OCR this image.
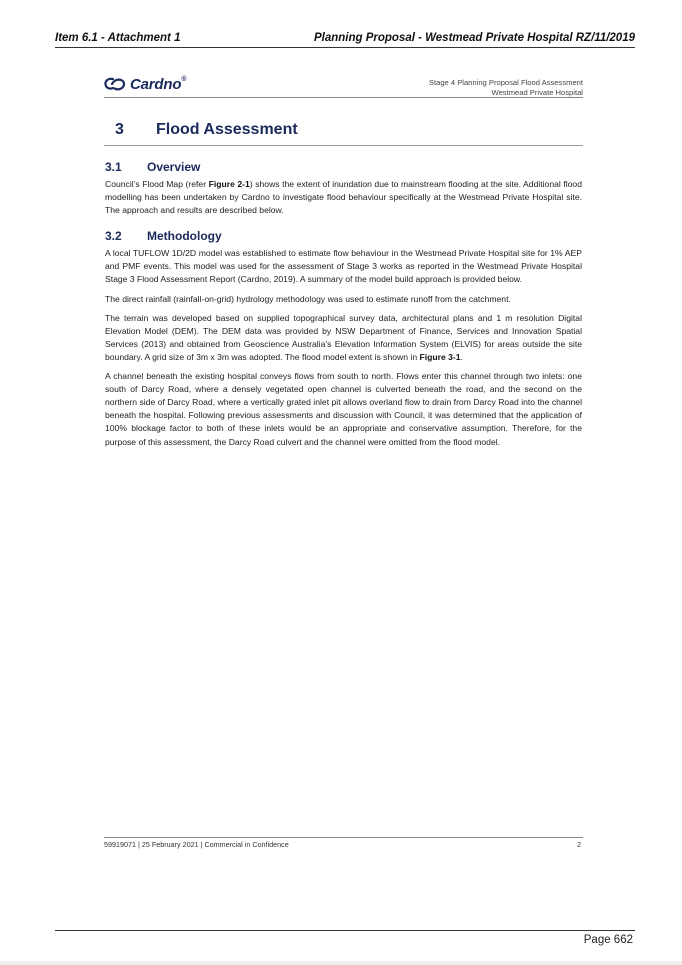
Item 6.1 - Attachment 1	Planning Proposal - Westmead Private Hospital RZ/11/2019
Cardno®	Stage 4 Planning Proposal Flood Assessment
Westmead Private Hospital
3 Flood Assessment
3.1 Overview

Council’s Flood Map (refer Figure 2-1) shows the extent of inundation due to mainstream flooding at the site. Additional flood modelling has been undertaken by Cardno to investigate flood behaviour specifically at the Westmead Private Hospital site. The approach and results are described below.

3.2 Methodology

A local TUFLOW 1D/2D model was established to estimate flow behaviour in the Westmead Private Hospital site for 1% AEP and PMF events. This model was used for the assessment of Stage 3 works as reported in the Westmead Private Hospital Stage 3 Flood Assessment Report (Cardno, 2019). A summary of the model build approach is provided below.

The direct rainfall (rainfall-on-grid) hydrology methodology was used to estimate runoff from the catchment.

The terrain was developed based on supplied topographical survey data, architectural plans and 1 m resolution Digital Elevation Model (DEM). The DEM data was provided by NSW Department of Finance, Services and Innovation Spatial Services (2013) and obtained from Geoscience Australia’s Elevation Information System (ELVIS) for areas outside the site boundary. A grid size of 3m x 3m was adopted. The flood model extent is shown in Figure 3-1.

A channel beneath the existing hospital conveys flows from south to north. Flows enter this channel through two inlets: one south of Darcy Road, where a densely vegetated open channel is culverted beneath the road, and the second on the northern side of Darcy Road, where a vertically grated inlet pit allows overland flow to drain from Darcy Road into the channel beneath the hospital. Following previous assessments and discussion with Council, it was determined that the application of 100% blockage factor to both of these inlets would be an appropriate and conservative assumption. Therefore, for the purpose of this assessment, the Darcy Road culvert and the channel were omitted from the flood model.

59919071 | 25 February 2021 | Commercial in Confidence	2
Page 662
